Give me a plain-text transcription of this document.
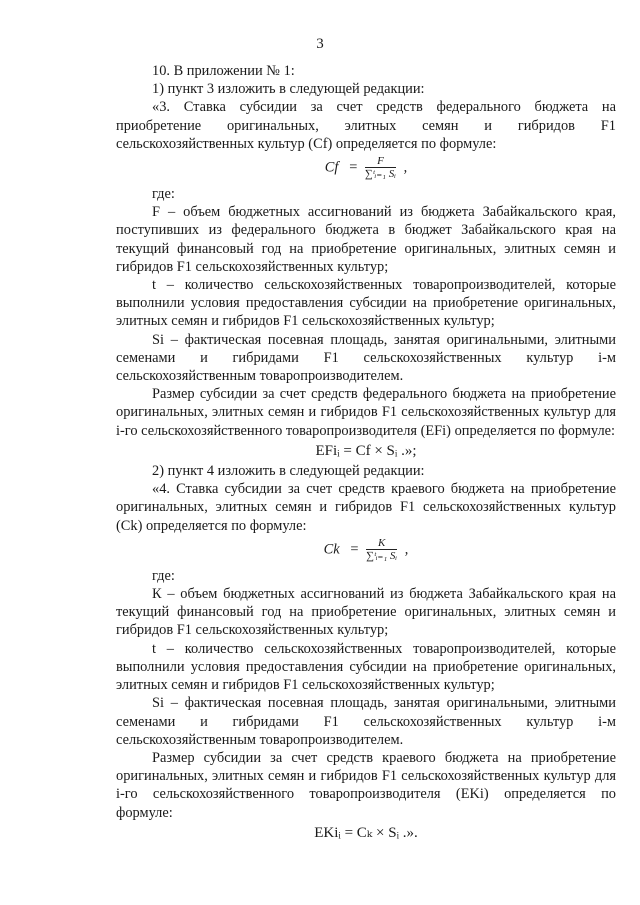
3

10. В приложении № 1:

1) пункт 3 изложить в следующей редакции:

«3. Ставка субсидии за счет средств федерального бюджета на приобретение оригинальных, элитных семян и гибридов F1 сельскохозяйственных культур (Сf) определяется по формуле:

$Cf = \frac{F}{\text{∑ᵗᵢ₌₁ Sᵢ}}$ ,

где:

F – объем бюджетных ассигнований из бюджета Забайкальского края, поступивших из федерального бюджета в бюджет Забайкальского края на текущий финансовый год на приобретение оригинальных, элитных семян и гибридов F1 сельскохозяйственных культур;

t – количество сельскохозяйственных товаропроизводителей, которые выполнили условия предоставления субсидии на приобретение оригинальных, элитных семян и гибридов F1 сельскохозяйственных культур;

Si – фактическая посевная площадь, занятая оригинальными, элитными семенами и гибридами F1 сельскохозяйственных культур i-м сельскохозяйственным товаропроизводителем.

Размер субсидии за счет средств федерального бюджета на приобретение оригинальных, элитных семян и гибридов F1 сельскохозяйственных культур для i-го сельскохозяйственного товаропроизводителя (EFi) определяется по формуле:

EFiᵢ = Cf × Sᵢ .»;

2) пункт 4 изложить в следующей редакции:

«4. Ставка субсидии за счет средств краевого бюджета на приобретение оригинальных, элитных семян и гибридов F1 сельскохозяйственных культур (Сk) определяется по формуле:

$Ck = \frac{K}{\text{∑ᵗᵢ₌₁ Sᵢ}}$ ,

где:

К – объем бюджетных ассигнований из бюджета Забайкальского края на текущий финансовый год на приобретение оригинальных, элитных семян и гибридов F1 сельскохозяйственных культур;

t – количество сельскохозяйственных товаропроизводителей, которые выполнили условия предоставления субсидии на приобретение оригинальных, элитных семян и гибридов F1 сельскохозяйственных культур;

Si – фактическая посевная площадь, занятая оригинальными, элитными семенами и гибридами F1 сельскохозяйственных культур i-м сельскохозяйственным товаропроизводителем.

Размер субсидии за счет средств краевого бюджета на приобретение оригинальных, элитных семян и гибридов F1 сельскохозяйственных культур для i-го сельскохозяйственного товаропроизводителя (EKi) определяется по формуле:

EKiᵢ = Cₖ × Sᵢ .».
